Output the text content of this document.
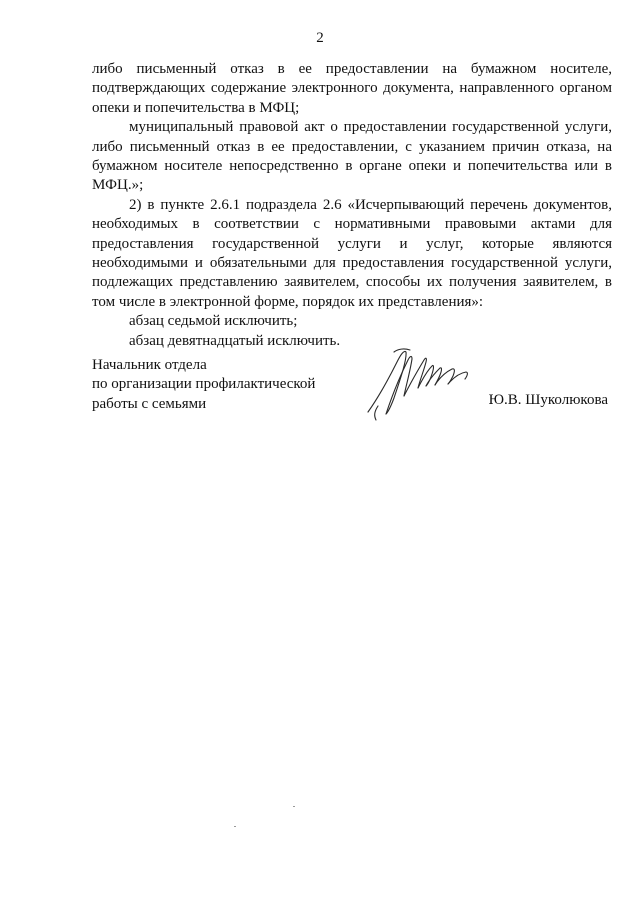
2

либо письменный отказ в ее предоставлении на бумажном носителе, подтверждающих содержание электронного документа, направленного органом опеки и попечительства в МФЦ;

муниципальный правовой акт о предоставлении государственной услуги, либо письменный отказ в ее предоставлении, с указанием причин отказа, на бумажном носителе непосредственно в органе опеки и попечительства или в МФЦ.»;

2) в пункте 2.6.1 подраздела 2.6 «Исчерпывающий перечень документов, необходимых в соответствии с нормативными правовыми актами для предоставления государственной услуги и услуг, которые являются необходимыми и обязательными для предоставления государственной услуги, подлежащих представлению заявителем, способы их получения заявителем, в том числе в электронной форме, порядок их представления»:

абзац седьмой исключить;

абзац девятнадцатый исключить.

Начальник отдела
по организации профилактической
работы с семьями	Ю.В. Шуколюкова
